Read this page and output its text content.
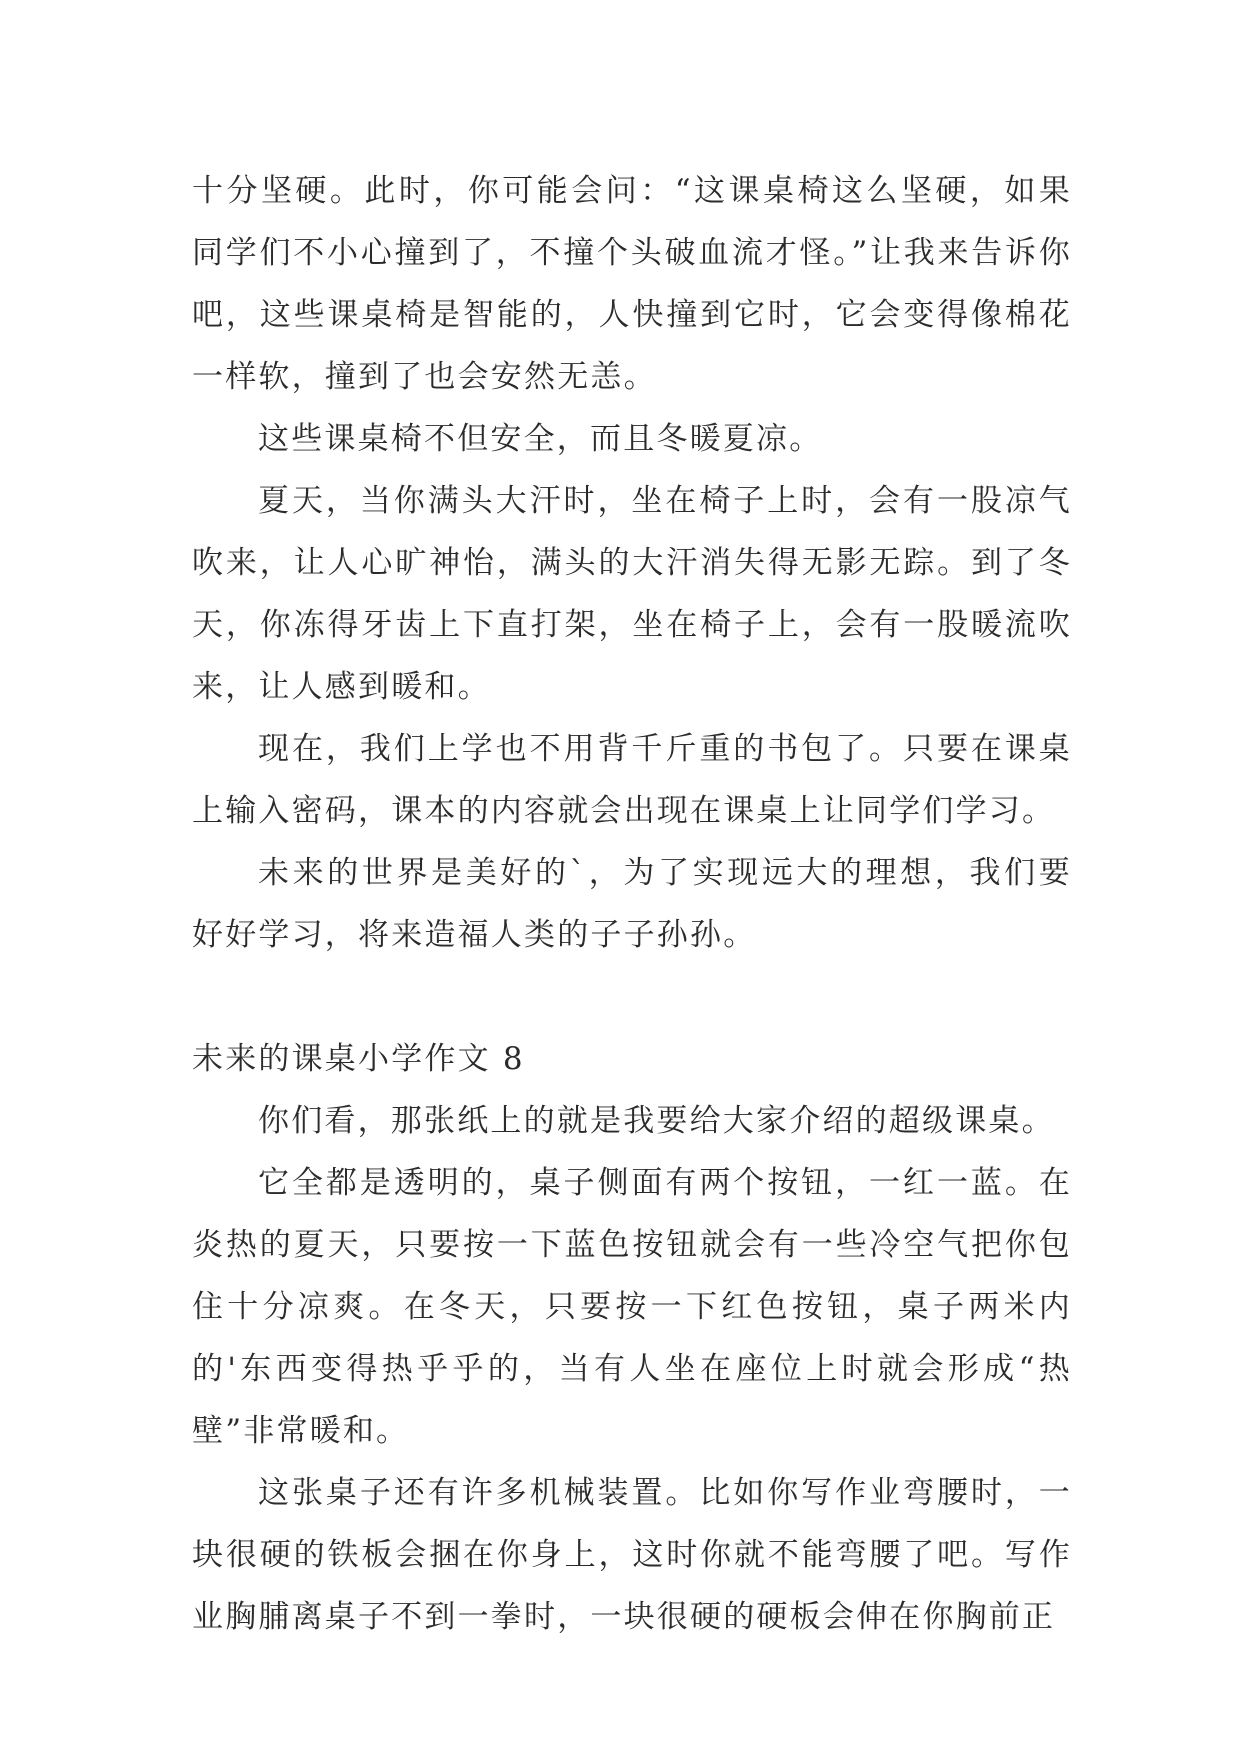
十分坚硬。此时，你可能会问：“这课桌椅这么坚硬，如果同学们不小心撞到了，不撞个头破血流才怪。”让我来告诉你吧，这些课桌椅是智能的，人快撞到它时，它会变得像棉花一样软，撞到了也会安然无恙。

这些课桌椅不但安全，而且冬暖夏凉。

夏天，当你满头大汗时，坐在椅子上时，会有一股凉气吹来，让人心旷神怡，满头的大汗消失得无影无踪。到了冬天，你冻得牙齿上下直打架，坐在椅子上，会有一股暖流吹来，让人感到暖和。

现在，我们上学也不用背千斤重的书包了。只要在课桌上输入密码，课本的内容就会出现在课桌上让同学们学习。

未来的世界是美好的`，为了实现远大的理想，我们要好好学习，将来造福人类的子子孙孙。

未来的课桌小学作文 8

你们看，那张纸上的就是我要给大家介绍的超级课桌。

它全都是透明的，桌子侧面有两个按钮，一红一蓝。在炎热的夏天，只要按一下蓝色按钮就会有一些冷空气把你包住十分凉爽。在冬天，只要按一下红色按钮，桌子两米内的'东西变得热乎乎的，当有人坐在座位上时就会形成“热壁”非常暖和。

这张桌子还有许多机械装置。比如你写作业弯腰时，一块很硬的铁板会捆在你身上，这时你就不能弯腰了吧。写作业胸脯离桌子不到一拳时，一块很硬的硬板会伸在你胸前正
